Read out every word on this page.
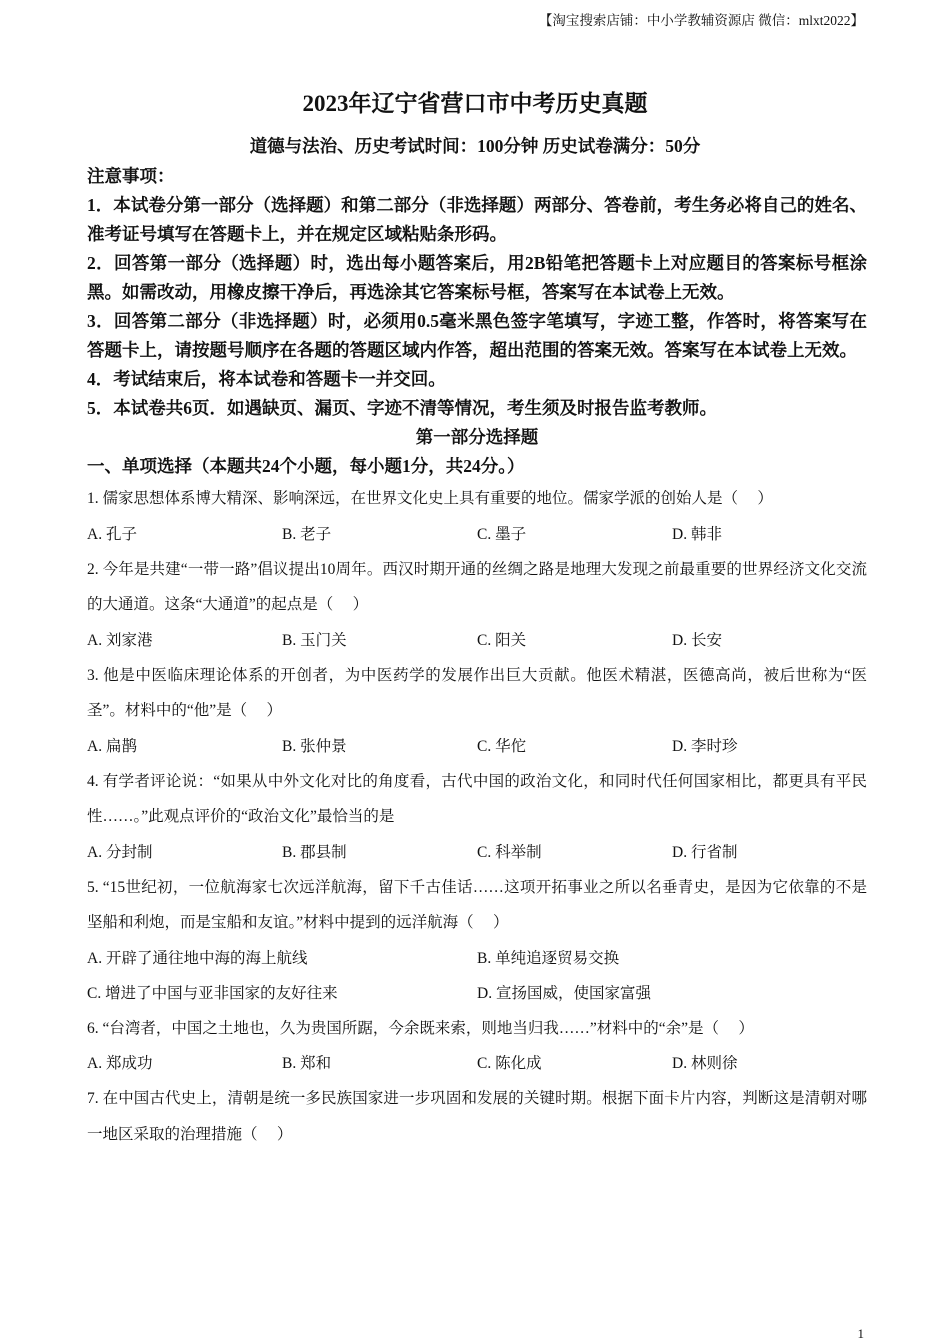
【淘宝搜索店铺：中小学教辅资源店 微信：mlxt2022】
2023年辽宁省营口市中考历史真题
道德与法治、历史考试时间：100分钟 历史试卷满分：50分
注意事项：
1．本试卷分第一部分（选择题）和第二部分（非选择题）两部分、答卷前，考生务必将自己的姓名、准考证号填写在答题卡上，并在规定区域粘贴条形码。
2．回答第一部分（选择题）时，选出每小题答案后，用2B铅笔把答题卡上对应题目的答案标号框涂黑。如需改动，用橡皮擦干净后，再选涂其它答案标号框，答案写在本试卷上无效。
3．回答第二部分（非选择题）时，必须用0.5毫米黑色签字笔填写，字迹工整，作答时，将答案写在答题卡上，请按题号顺序在各题的答题区域内作答，超出范围的答案无效。答案写在本试卷上无效。
4．考试结束后，将本试卷和答题卡一并交回。
5．本试卷共6页．如遇缺页、漏页、字迹不清等情况，考生须及时报告监考教师。
第一部分选择题
一、单项选择（本题共24个小题，每小题1分，共24分。）

1. 儒家思想体系博大精深、影响深远，在世界文化史上具有重要的地位。儒家学派的创始人是（　 ）

A. 孔子	B. 老子	C. 墨子	D. 韩非

2. 今年是共建“一带一路”倡议提出10周年。西汉时期开通的丝绸之路是地理大发现之前最重要的世界经济文化交流的大通道。这条“大通道”的起点是（　 ）

A. 刘家港	B. 玉门关	C. 阳关	D. 长安

3. 他是中医临床理论体系的开创者，为中医药学的发展作出巨大贡献。他医术精湛，医德高尚，被后世称为“医圣”。材料中的“他”是（　 ）

A. 扁鹊	B. 张仲景	C. 华佗	D. 李时珍

4. 有学者评论说：“如果从中外文化对比的角度看，古代中国的政治文化，和同时代任何国家相比，都更具有平民性……。”此观点评价的“政治文化”最恰当的是

A. 分封制	B. 郡县制	C. 科举制	D. 行省制

5. “15世纪初，一位航海家七次远洋航海，留下千古佳话……这项开拓事业之所以名垂青史，是因为它依靠的不是坚船和利炮，而是宝船和友谊。”材料中提到的远洋航海（　 ）

A. 开辟了通往地中海的海上航线	B. 单纯追逐贸易交换
C. 增进了中国与亚非国家的友好往来	D. 宣扬国威，使国家富强

6. “台湾者，中国之土地也，久为贵国所踞，今余既来索，则地当归我……”材料中的“余”是（　 ）

A. 郑成功	B. 郑和	C. 陈化成	D. 林则徐

7. 在中国古代史上，清朝是统一多民族国家进一步巩固和发展的关键时期。根据下面卡片内容，判断这是清朝对哪一地区采取的治理措施（　 ）

1
